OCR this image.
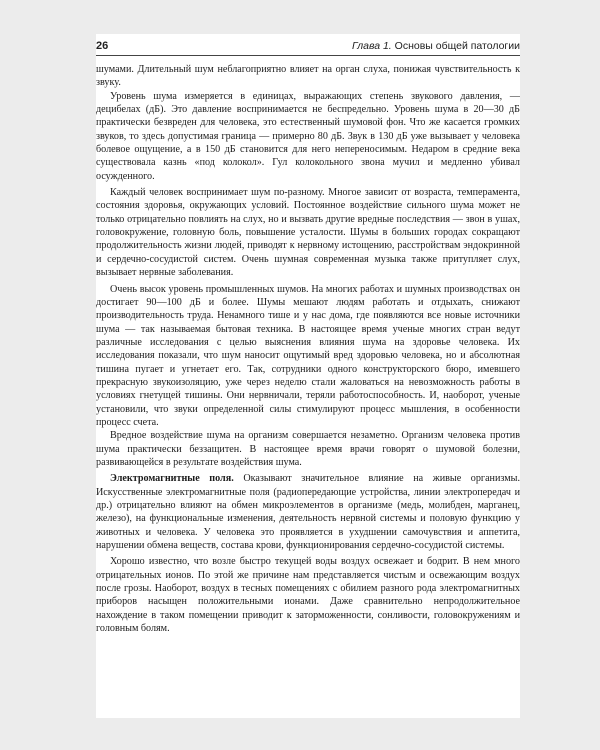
26	Глава 1. Основы общей патологии

шумами. Длительный шум неблагоприятно влияет на орган слуха, понижая чувствительность к звуку.

Уровень шума измеряется в единицах, выражающих степень звукового давления, — децибелах (дБ). Это давление воспринимается не беспредельно. Уровень шума в 20—30 дБ практически безвреден для человека, это естественный шумовой фон. Что же касается громких звуков, то здесь допустимая граница — примерно 80 дБ. Звук в 130 дБ уже вызывает у человека болевое ощущение, а в 150 дБ становится для него непереносимым. Недаром в средние века существовала казнь «под колокол». Гул колокольного звона мучил и медленно убивал осужденного.

Каждый человек воспринимает шум по-разному. Многое зависит от возраста, темперамента, состояния здоровья, окружающих условий. Постоянное воздействие сильного шума может не только отрицательно повлиять на слух, но и вызвать другие вредные последствия — звон в ушах, головокружение, головную боль, повышение усталости. Шумы в больших городах сокращают продолжительность жизни людей, приводят к нервному истощению, расстройствам эндокринной и сердечно-сосудистой систем. Очень шумная современная музыка также притупляет слух, вызывает нервные заболевания.

Очень высок уровень промышленных шумов. На многих работах и шумных производствах он достигает 90—100 дБ и более. Шумы мешают людям работать и отдыхать, снижают производительность труда. Ненамного тише и у нас дома, где появляются все новые источники шума — так называемая бытовая техника. В настоящее время ученые многих стран ведут различные исследования с целью выяснения влияния шума на здоровье человека. Их исследования показали, что шум наносит ощутимый вред здоровью человека, но и абсолютная тишина пугает и угнетает его. Так, сотрудники одного конструкторского бюро, имевшего прекрасную звукоизоляцию, уже через неделю стали жаловаться на невозможность работы в условиях гнетущей тишины. Они нервничали, теряли работоспособность. И, наоборот, ученые установили, что звуки определенной силы стимулируют процесс мышления, в особенности процесс счета.

Вредное воздействие шума на организм совершается незаметно. Организм человека против шума практически беззащитен. В настоящее время врачи говорят о шумовой болезни, развивающейся в результате воздействия шума.

Электромагнитные поля. Оказывают значительное влияние на живые организмы. Искусственные электромагнитные поля (радиопередающие устройства, линии электропередач и др.) отрицательно влияют на обмен микроэлементов в организме (медь, молибден, марганец, железо), на функциональные изменения, деятельность нервной системы и половую функцию у животных и человека. У человека это проявляется в ухудшении самочувствия и аппетита, нарушении обмена веществ, состава крови, функционирования сердечно-сосудистой системы.

Хорошо известно, что возле быстро текущей воды воздух освежает и бодрит. В нем много отрицательных ионов. По этой же причине нам представляется чистым и освежающим воздух после грозы. Наоборот, воздух в тесных помещениях с обилием разного рода электромагнитных приборов насыщен положительными ионами. Даже сравнительно непродолжительное нахождение в таком помещении приводит к заторможенности, сонливости, головокружениям и головным болям.
